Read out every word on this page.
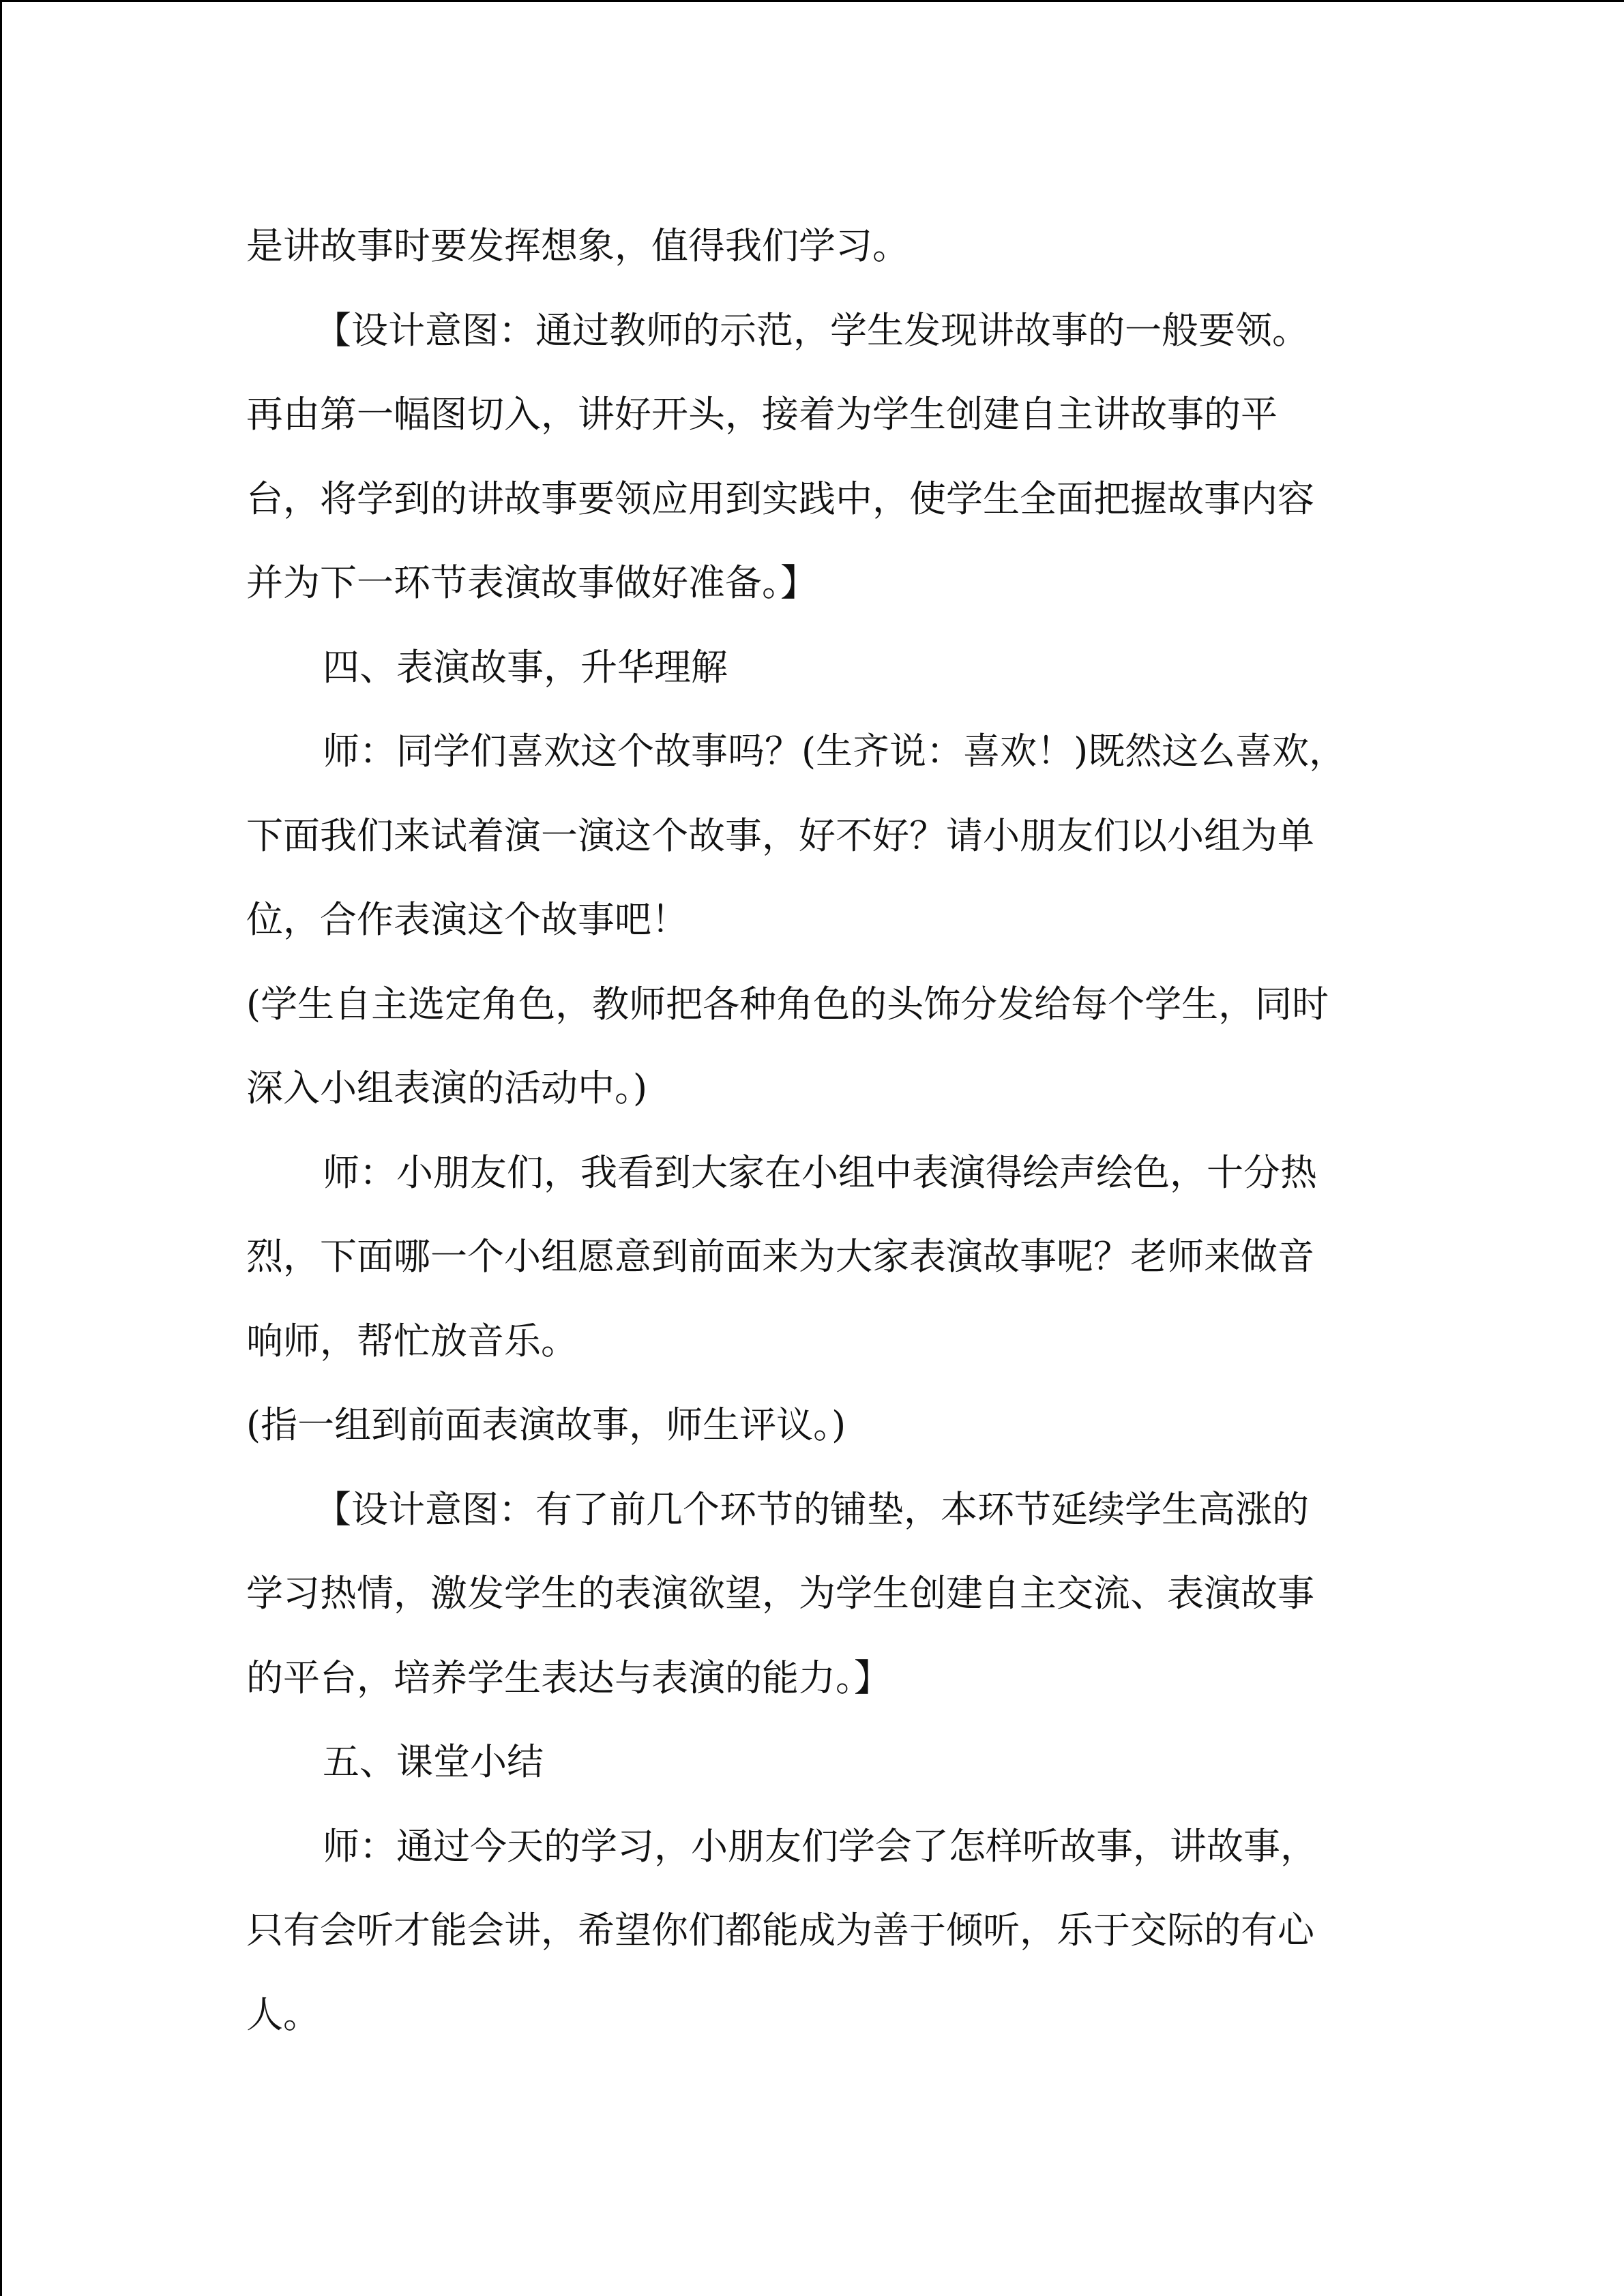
是讲故事时要发挥想象，值得我们学习。

【设计意图：通过教师的示范，学生发现讲故事的一般要领。

再由第一幅图切入，讲好开头，接着为学生创建自主讲故事的平

台，将学到的讲故事要领应用到实践中，使学生全面把握故事内容

并为下一环节表演故事做好准备。】

四、表演故事，升华理解

师：同学们喜欢这个故事吗？(生齐说：喜欢！)既然这么喜欢，

下面我们来试着演一演这个故事，好不好？请小朋友们以小组为单

位，合作表演这个故事吧！

(学生自主选定角色，教师把各种角色的头饰分发给每个学生，同时

深入小组表演的活动中。)

师：小朋友们，我看到大家在小组中表演得绘声绘色，十分热

烈，下面哪一个小组愿意到前面来为大家表演故事呢？老师来做音

响师，帮忙放音乐。

(指一组到前面表演故事，师生评议。)

【设计意图：有了前几个环节的铺垫，本环节延续学生高涨的

学习热情，激发学生的表演欲望，为学生创建自主交流、表演故事

的平台，培养学生表达与表演的能力。】

五、课堂小结

师：通过今天的学习，小朋友们学会了怎样听故事，讲故事，

只有会听才能会讲，希望你们都能成为善于倾听，乐于交际的有心

人。
